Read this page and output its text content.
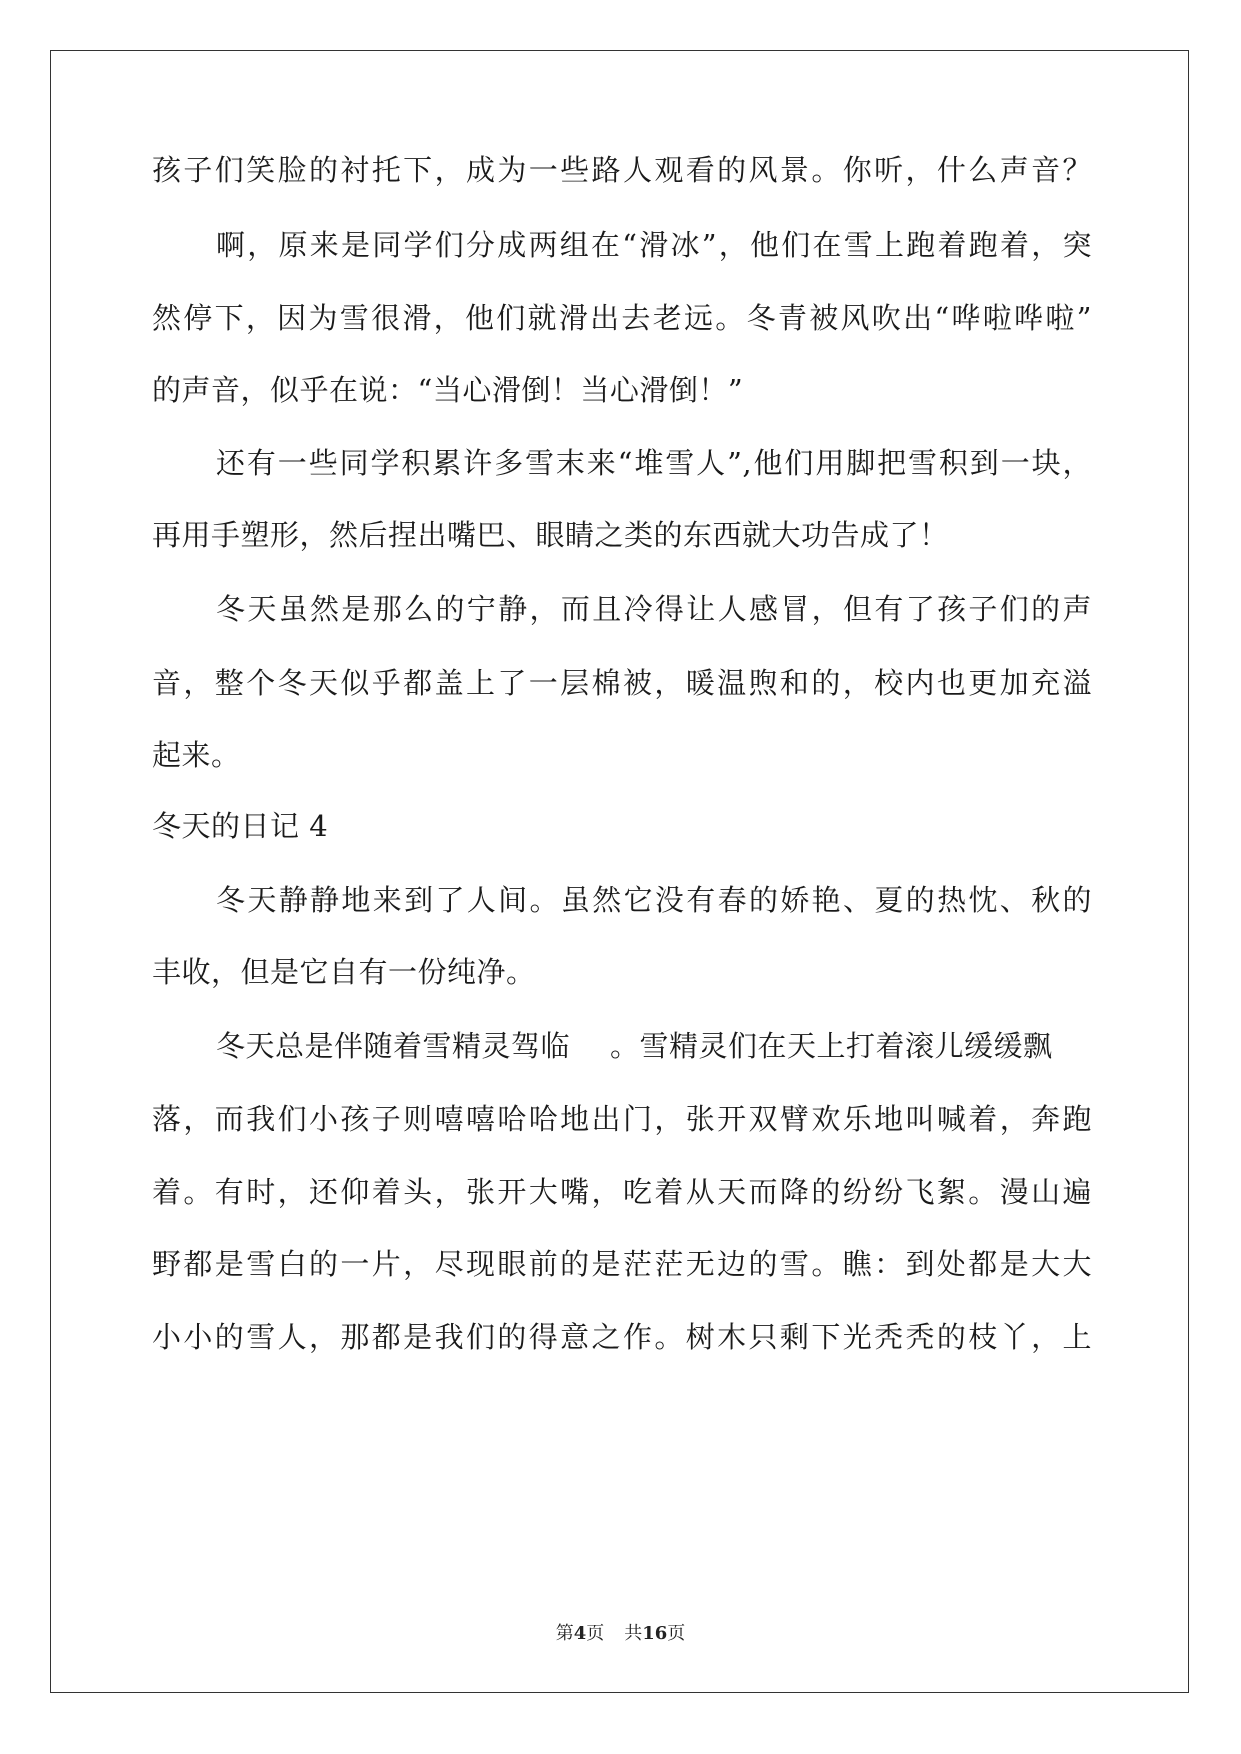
孩子们笑脸的衬托下，成为一些路人观看的风景。你听，什么声音？
啊，原来是同学们分成两组在“滑冰”，他们在雪上跑着跑着，突
然停下，因为雪很滑，他们就滑出去老远。冬青被风吹出“哗啦哗啦”
的声音，似乎在说：“当心滑倒！当心滑倒！”
还有一些同学积累许多雪末来“堆雪人”,他们用脚把雪积到一块，
再用手塑形，然后捏出嘴巴、眼睛之类的东西就大功告成了！
冬天虽然是那么的宁静，而且冷得让人感冒，但有了孩子们的声
音，整个冬天似乎都盖上了一层棉被，暖温煦和的，校内也更加充溢
起来。
冬天的日记 4
冬天静静地来到了人间。虽然它没有春的娇艳、夏的热忱、秋的
丰收，但是它自有一份纯净。
冬天总是伴随着雪精灵驾临 。雪精灵们在天上打着滚儿缓缓飘
落，而我们小孩子则嘻嘻哈哈地出门，张开双臂欢乐地叫喊着，奔跑
着。有时，还仰着头，张开大嘴，吃着从天而降的纷纷飞絮。漫山遍
野都是雪白的一片，尽现眼前的是茫茫无边的雪。瞧：到处都是大大
小小的雪人，那都是我们的得意之作。树木只剩下光秃秃的枝丫，上
第4页 共16页
